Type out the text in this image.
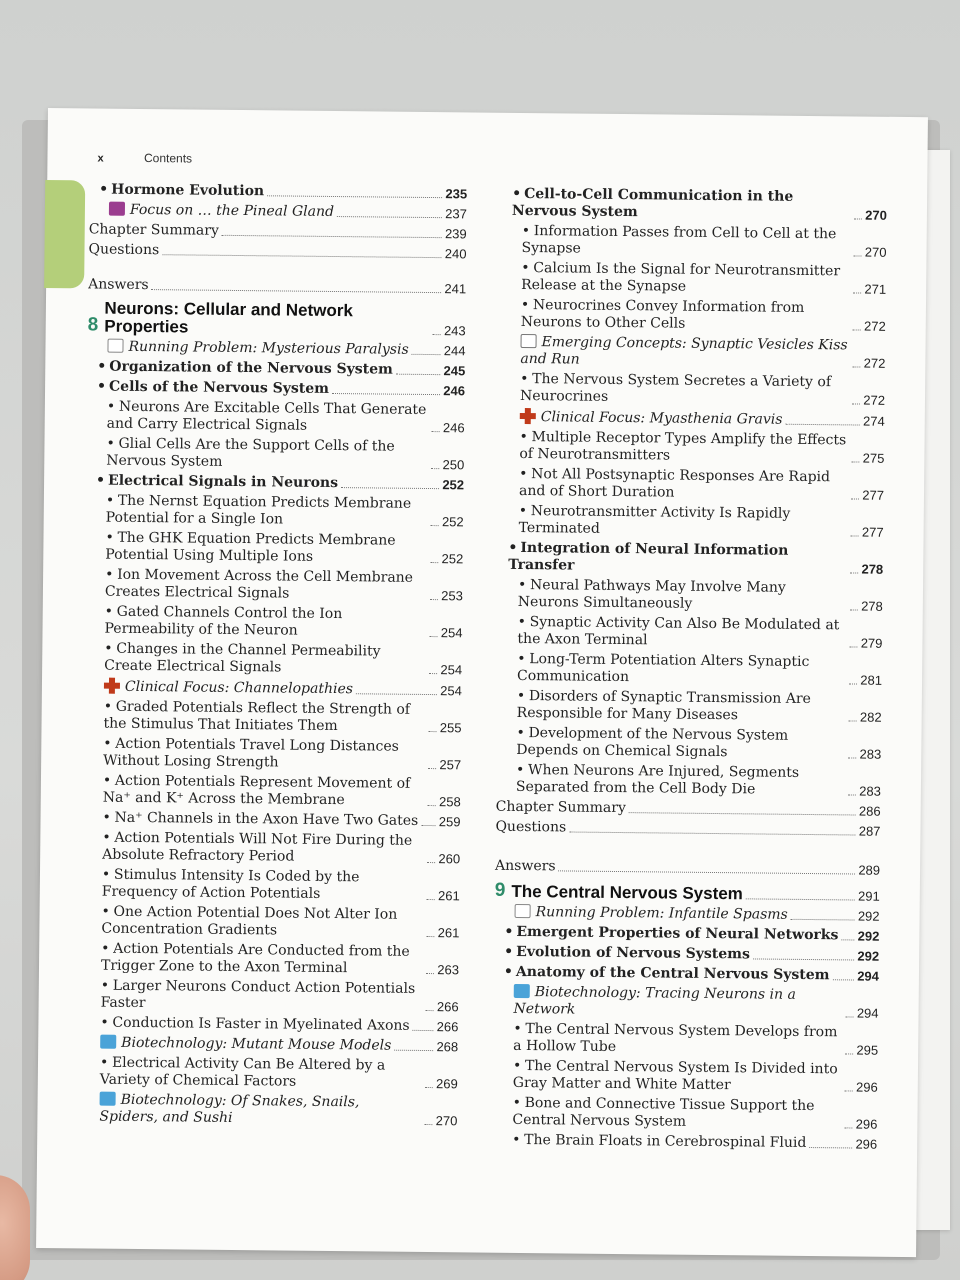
x	Contents
• Hormone Evolution	235
Focus on … the Pineal Gland	237
Chapter Summary	239
Questions	240
Answers	241
8
Neurons: Cellular and Network Properties	243
Running Problem: Mysterious Paralysis	244
• Organization of the Nervous System	245
• Cells of the Nervous System	246
• Neurons Are Excitable Cells That Generate and Carry Electrical Signals	246
• Glial Cells Are the Support Cells of the Nervous System	250
• Electrical Signals in Neurons	252
• The Nernst Equation Predicts Membrane Potential for a Single Ion	252
• The GHK Equation Predicts Membrane Potential Using Multiple Ions	252
• Ion Movement Across the Cell Membrane Creates Electrical Signals	253
• Gated Channels Control the Ion Permeability of the Neuron	254
• Changes in the Channel Permeability Create Electrical Signals	254
Clinical Focus: Channelopathies	254
• Graded Potentials Reflect the Strength of the Stimulus That Initiates Them	255
• Action Potentials Travel Long Distances Without Losing Strength	257
• Action Potentials Represent Movement of Na⁺ and K⁺ Across the Membrane	258
• Na⁺ Channels in the Axon Have Two Gates 259
• Action Potentials Will Not Fire During the Absolute Refractory Period	260
• Stimulus Intensity Is Coded by the Frequency of Action Potentials	261
• One Action Potential Does Not Alter Ion Concentration Gradients	261
• Action Potentials Are Conducted from the Trigger Zone to the Axon Terminal	263
• Larger Neurons Conduct Action Potentials Faster	266
• Conduction Is Faster in Myelinated Axons 266
Biotechnology: Mutant Mouse Models	268
• Electrical Activity Can Be Altered by a Variety of Chemical Factors	269
Biotechnology: Of Snakes, Snails, Spiders, and Sushi	270
• Cell-to-Cell Communication in the Nervous System	270
• Information Passes from Cell to Cell at the Synapse	270
• Calcium Is the Signal for Neurotransmitter Release at the Synapse	271
• Neurocrines Convey Information from Neurons to Other Cells	272
Emerging Concepts: Synaptic Vesicles Kiss and Run	272
• The Nervous System Secretes a Variety of Neurocrines	272
Clinical Focus: Myasthenia Gravis	274
• Multiple Receptor Types Amplify the Effects of Neurotransmitters	275
• Not All Postsynaptic Responses Are Rapid and of Short Duration	277
• Neurotransmitter Activity Is Rapidly Terminated	277
• Integration of Neural Information Transfer	278
• Neural Pathways May Involve Many Neurons Simultaneously	278
• Synaptic Activity Can Also Be Modulated at the Axon Terminal	279
• Long-Term Potentiation Alters Synaptic Communication	281
• Disorders of Synaptic Transmission Are Responsible for Many Diseases	282
• Development of the Nervous System Depends on Chemical Signals	283
• When Neurons Are Injured, Segments Separated from the Cell Body Die	283
Chapter Summary	286
Questions	287
Answers	289
9 The Central Nervous System	291
Running Problem: Infantile Spasms	292
• Emergent Properties of Neural Networks 292
• Evolution of Nervous Systems	292
• Anatomy of the Central Nervous System 294
Biotechnology: Tracing Neurons in a Network	294
• The Central Nervous System Develops from a Hollow Tube	295
• The Central Nervous System Is Divided into Gray Matter and White Matter	296
• Bone and Connective Tissue Support the Central Nervous System	296
• The Brain Floats in Cerebrospinal Fluid	296
